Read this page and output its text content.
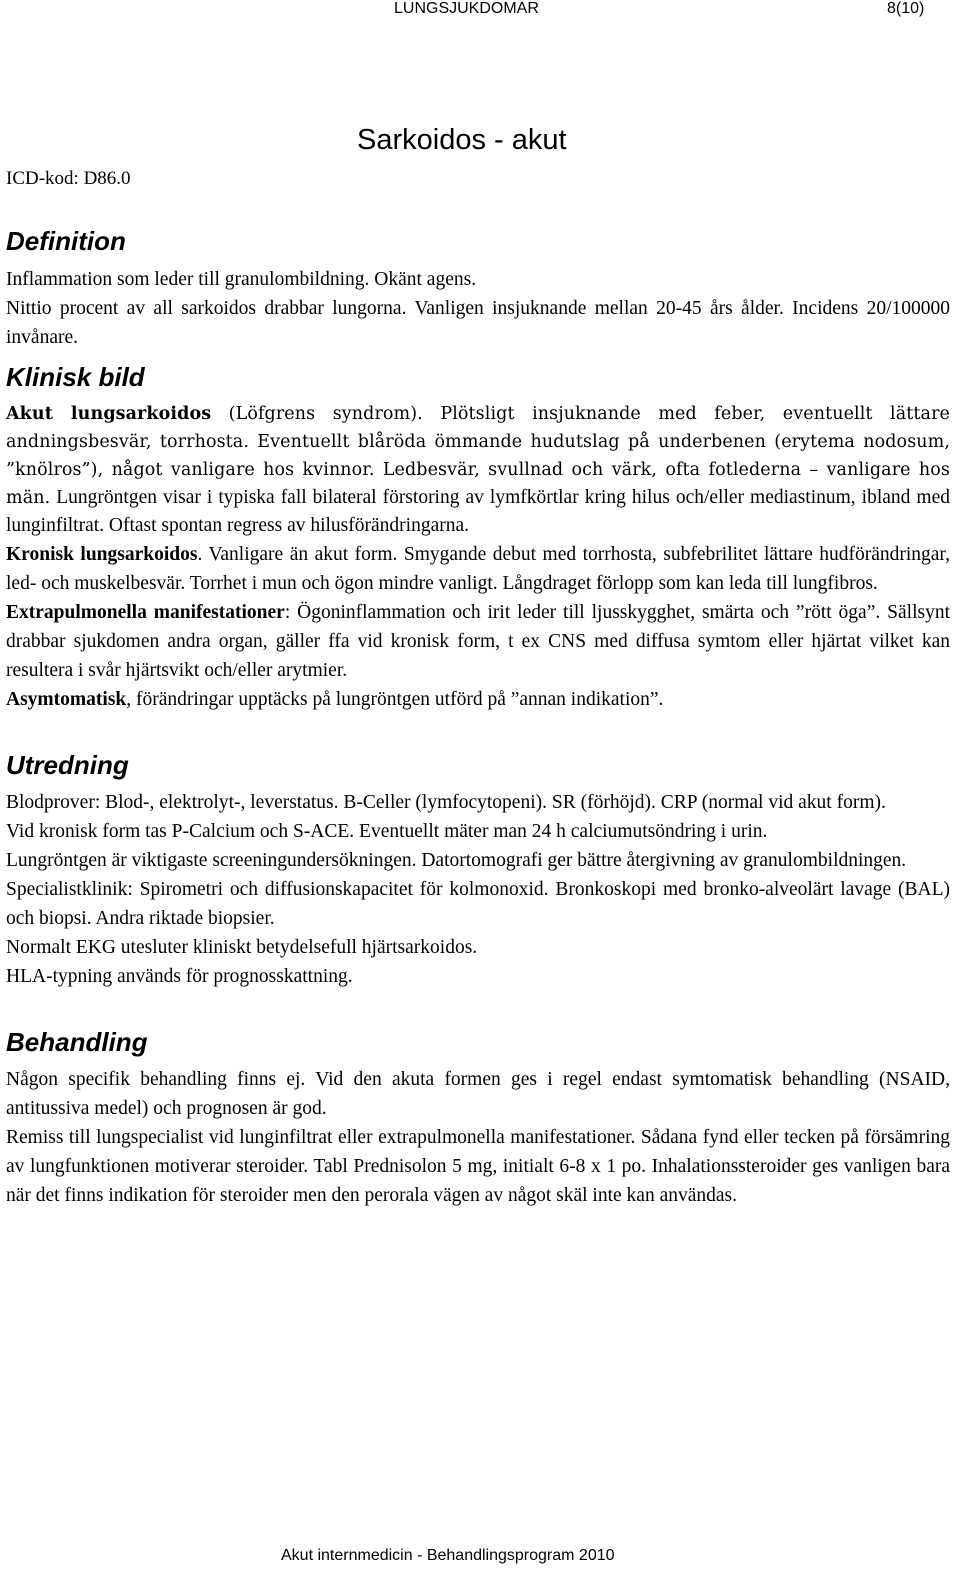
LUNGSJUKDOMAR	8(10)
Sarkoidos - akut

ICD-kod: D86.0

Definition

Inflammation som leder till granulombildning. Okänt agens.

Nittio procent av all sarkoidos drabbar lungorna. Vanligen insjuknande mellan 20-45 års ålder. Incidens 20/100000 invånare.

Klinisk bild

Akut lungsarkoidos (Löfgrens syndrom). Plötsligt insjuknande med feber, eventuellt lättare andningsbesvär, torrhosta. Eventuellt blåröda ömmande hudutslag på underbenen (erytema nodosum, ”knölros”), något vanligare hos kvinnor. Ledbesvär, svullnad och värk, ofta fotlederna – vanligare hos män. Lungröntgen visar i typiska fall bilateral förstoring av lymfkörtlar kring hilus och/eller mediastinum, ibland med lunginfiltrat. Oftast spontan regress av hilusförändringarna.

Kronisk lungsarkoidos. Vanligare än akut form. Smygande debut med torrhosta, subfebrilitet lättare hudförändringar, led- och muskelbesvär. Torrhet i mun och ögon mindre vanligt. Långdraget förlopp som kan leda till lungfibros.

Extrapulmonella manifestationer: Ögoninflammation och irit leder till ljusskygghet, smärta och ”rött öga”. Sällsynt drabbar sjukdomen andra organ, gäller ffa vid kronisk form, t ex CNS med diffusa symtom eller hjärtat vilket kan resultera i svår hjärtsvikt och/eller arytmier.

Asymtomatisk, förändringar upptäcks på lungröntgen utförd på ”annan indikation”.

Utredning

Blodprover: Blod-, elektrolyt-, leverstatus. B-Celler (lymfocytopeni). SR (förhöjd). CRP (normal vid akut form).

Vid kronisk form tas P-Calcium och S-ACE. Eventuellt mäter man 24 h calciumutsöndring i urin.

Lungröntgen är viktigaste screeningundersökningen. Datortomografi ger bättre återgivning av granulombildningen.

Specialistklinik: Spirometri och diffusionskapacitet för kolmonoxid. Bronkoskopi med bronko-alveolärt lavage (BAL) och biopsi. Andra riktade biopsier.

Normalt EKG utesluter kliniskt betydelsefull hjärtsarkoidos.

HLA-typning används för prognosskattning.

Behandling

Någon specifik behandling finns ej. Vid den akuta formen ges i regel endast symtomatisk behandling (NSAID, antitussiva medel) och prognosen är god.

Remiss till lungspecialist vid lunginfiltrat eller extrapulmonella manifestationer. Sådana fynd eller tecken på försämring av lungfunktionen motiverar steroider. Tabl Prednisolon 5 mg, initialt 6-8 x 1 po. Inhalationssteroider ges vanligen bara när det finns indikation för steroider men den perorala vägen av något skäl inte kan användas.

Akut internmedicin - Behandlingsprogram 2010
